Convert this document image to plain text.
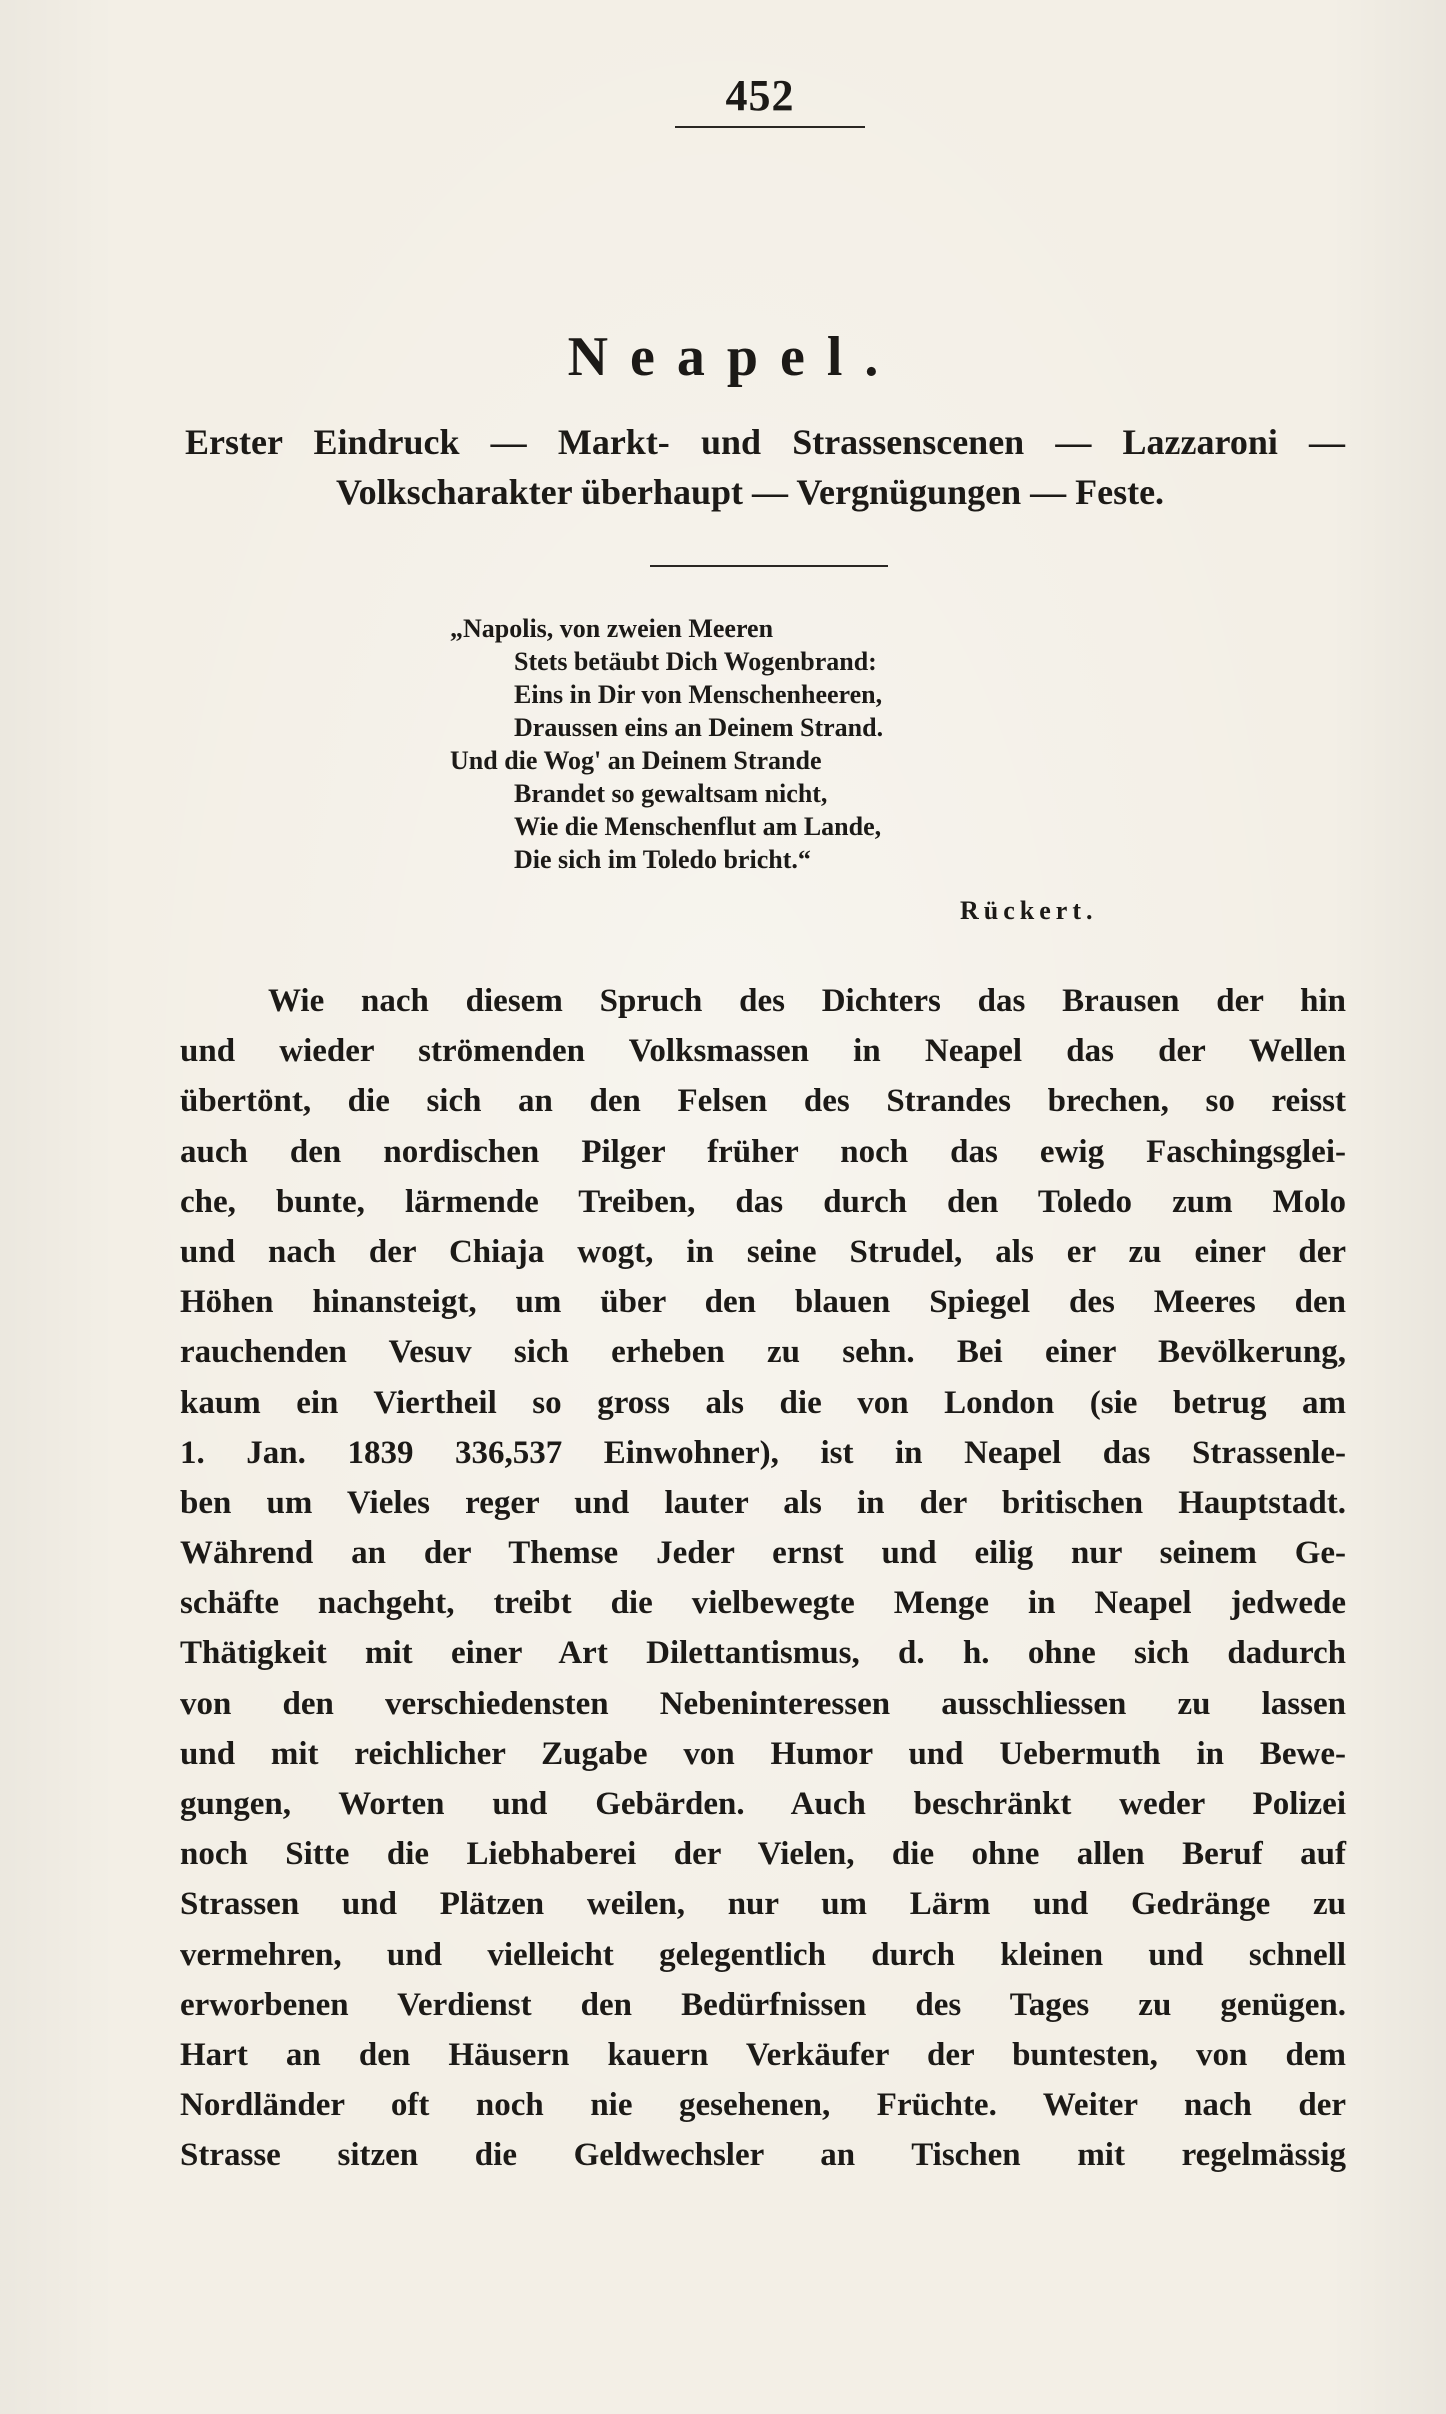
452
Neapel.
Erster Eindruck — Markt- und Strassenscenen — Lazzaroni —
Volkscharakter überhaupt — Vergnügungen — Feste.
„Napolis, von zweien Meeren
Stets betäubt Dich Wogenbrand:
Eins in Dir von Menschenheeren,
Draussen eins an Deinem Strand.
Und die Wog' an Deinem Strande
Brandet so gewaltsam nicht,
Wie die Menschenflut am Lande,
Die sich im Toledo bricht.“
Rückert.
Wie nach diesem Spruch des Dichters das Brausen der hin
und wieder strömenden Volksmassen in Neapel das der Wellen
übertönt, die sich an den Felsen des Strandes brechen, so reisst
auch den nordischen Pilger früher noch das ewig Faschingsglei-
che, bunte, lärmende Treiben, das durch den Toledo zum Molo
und nach der Chiaja wogt, in seine Strudel, als er zu einer der
Höhen hinansteigt, um über den blauen Spiegel des Meeres den
rauchenden Vesuv sich erheben zu sehn. Bei einer Bevölkerung,
kaum ein Viertheil so gross als die von London (sie betrug am
1. Jan. 1839 336,537 Einwohner), ist in Neapel das Strassenle-
ben um Vieles reger und lauter als in der britischen Hauptstadt.
Während an der Themse Jeder ernst und eilig nur seinem Ge-
schäfte nachgeht, treibt die vielbewegte Menge in Neapel jedwede
Thätigkeit mit einer Art Dilettantismus, d. h. ohne sich dadurch
von den verschiedensten Nebeninteressen ausschliessen zu lassen
und mit reichlicher Zugabe von Humor und Uebermuth in Bewe-
gungen, Worten und Gebärden. Auch beschränkt weder Polizei
noch Sitte die Liebhaberei der Vielen, die ohne allen Beruf auf
Strassen und Plätzen weilen, nur um Lärm und Gedränge zu
vermehren, und vielleicht gelegentlich durch kleinen und schnell
erworbenen Verdienst den Bedürfnissen des Tages zu genügen.
Hart an den Häusern kauern Verkäufer der buntesten, von dem
Nordländer oft noch nie gesehenen, Früchte. Weiter nach der
Strasse sitzen die Geldwechsler an Tischen mit regelmässig
